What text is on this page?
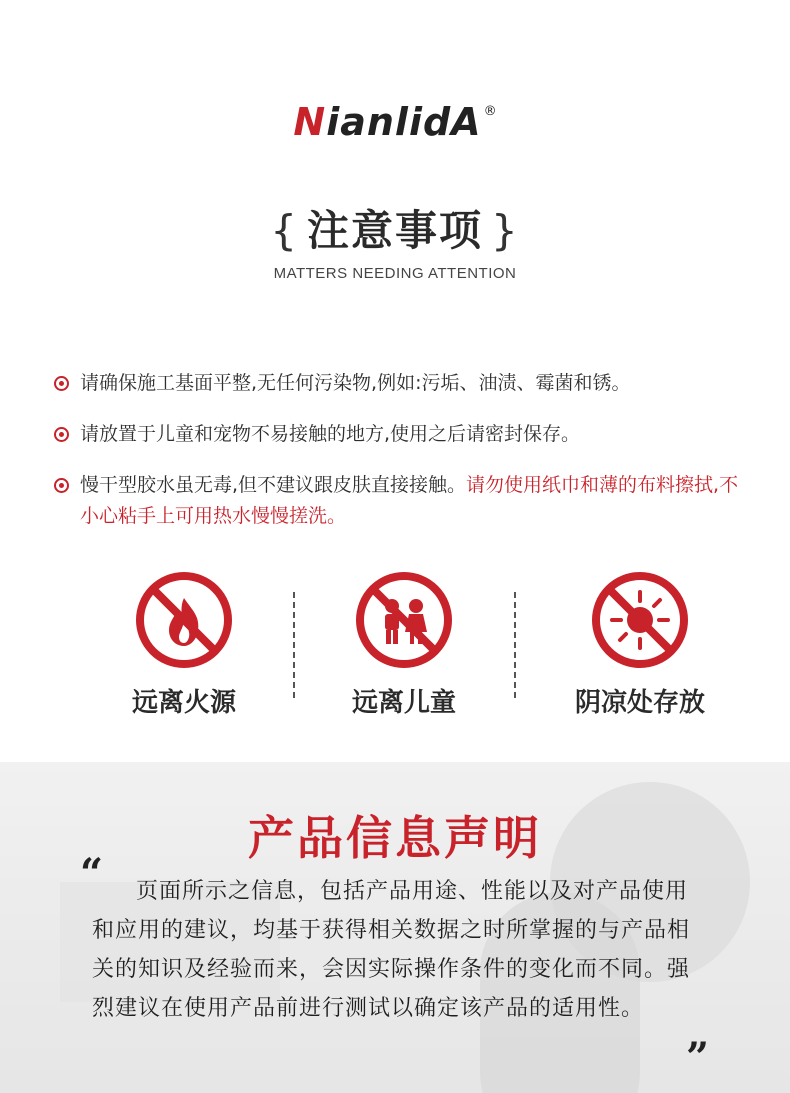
NianlidA ®
{ 注意事项 }
MATTERS NEEDING ATTENTION
请确保施工基面平整,无任何污染物,例如:污垢、油渍、霉菌和锈。
请放置于儿童和宠物不易接触的地方,使用之后请密封保存。
慢干型胶水虽无毒,但不建议跟皮肤直接接触。请勿使用纸巾和薄的布料擦拭,不小心粘手上可用热水慢慢搓洗。
远离火源	远离儿童	阴凉处存放
产品信息声明
“	页面所示之信息，包括产品用途、性能以及对产品使用和应用的建议，均基于获得相关数据之时所掌握的与产品相关的知识及经验而来，会因实际操作条件的变化而不同。强烈建议在使用产品前进行测试以确定该产品的适用性。
”
